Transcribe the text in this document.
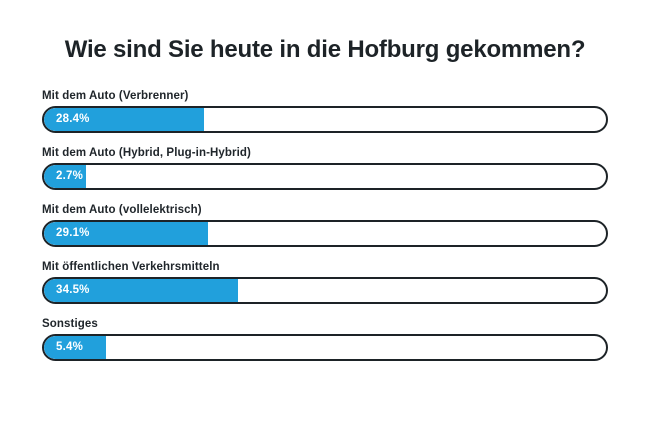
Wie sind Sie heute in die Hofburg gekommen?
Mit dem Auto (Verbrenner)
28.4%
Mit dem Auto (Hybrid, Plug-in-Hybrid)
2.7%
Mit dem Auto (vollelektrisch)
29.1%
Mit öffentlichen Verkehrsmitteln
34.5%
Sonstiges
5.4%
